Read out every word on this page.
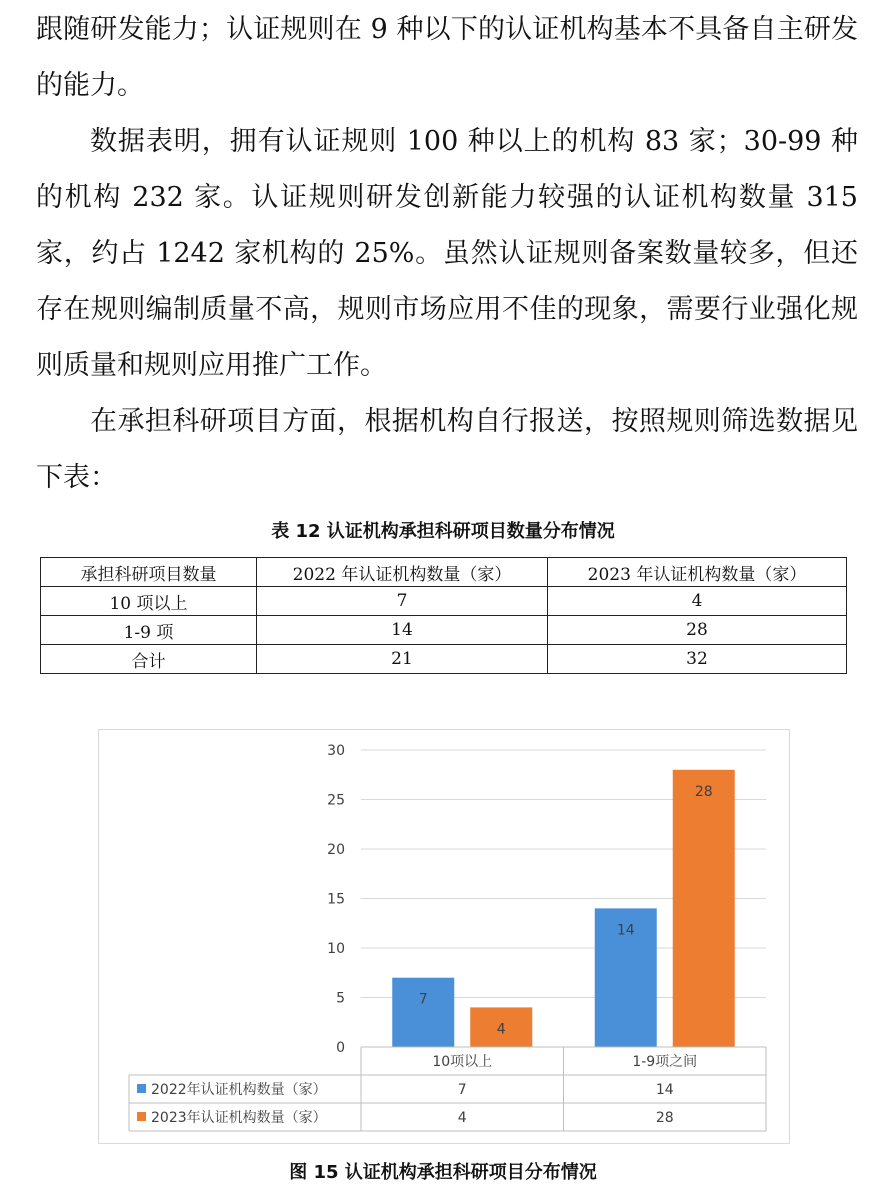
跟随研发能力；认证规则在 9 种以下的认证机构基本不具备自主研发的能力。

数据表明，拥有认证规则 100 种以上的机构 83 家；30-99 种的机构 232 家。认证规则研发创新能力较强的认证机构数量 315 家，约占 1242 家机构的 25%。虽然认证规则备案数量较多，但还存在规则编制质量不高，规则市场应用不佳的现象，需要行业强化规则质量和规则应用推广工作。

在承担科研项目方面，根据机构自行报送，按照规则筛选数据见下表：

表 12 认证机构承担科研项目数量分布情况
承担科研项目数量	2022 年认证机构数量（家）	2023 年认证机构数量（家）
10 项以上	7	4
1-9 项	14	28
合计	21	32
0
5
10
15
20
25
30
7
4
14
28
10项以上	1-9项之间
2022年认证机构数量（家）	7	14
2023年认证机构数量（家）	4	28
图 15 认证机构承担科研项目分布情况
